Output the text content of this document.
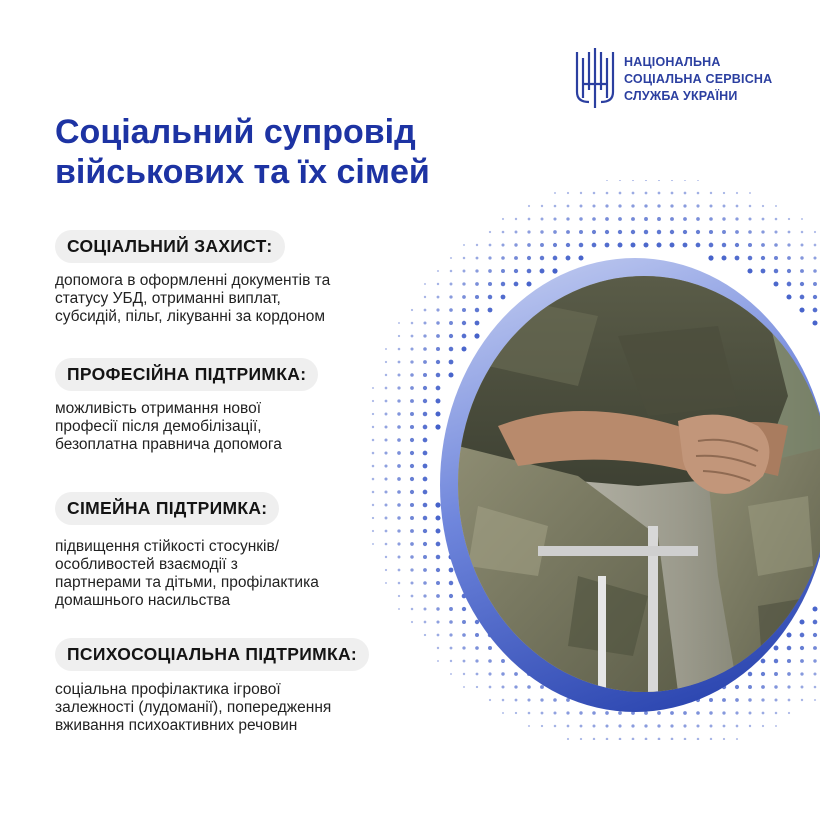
НАЦІОНАЛЬНА
СОЦІАЛЬНА СЕРВІСНА
СЛУЖБА УКРАЇНИ
Соціальний супровід
військових та їх сімей
СОЦІАЛЬНИЙ ЗАХИСТ:
допомога в оформленні документів та
статусу УБД, отриманні виплат,
субсидій, пільг, лікуванні за кордоном
ПРОФЕСІЙНА ПІДТРИМКА:
можливість отримання нової
професії після демобілізації,
безоплатна правнича допомога
СІМЕЙНА ПІДТРИМКА:
підвищення стійкості стосунків/
особливостей взаємодії з
партнерами та дітьми, профілактика
домашнього насильства
ПСИХОСОЦІАЛЬНА ПІДТРИМКА:
соціальна профілактика ігрової
залежності (лудоманії), попередження
вживання психоактивних речовин
